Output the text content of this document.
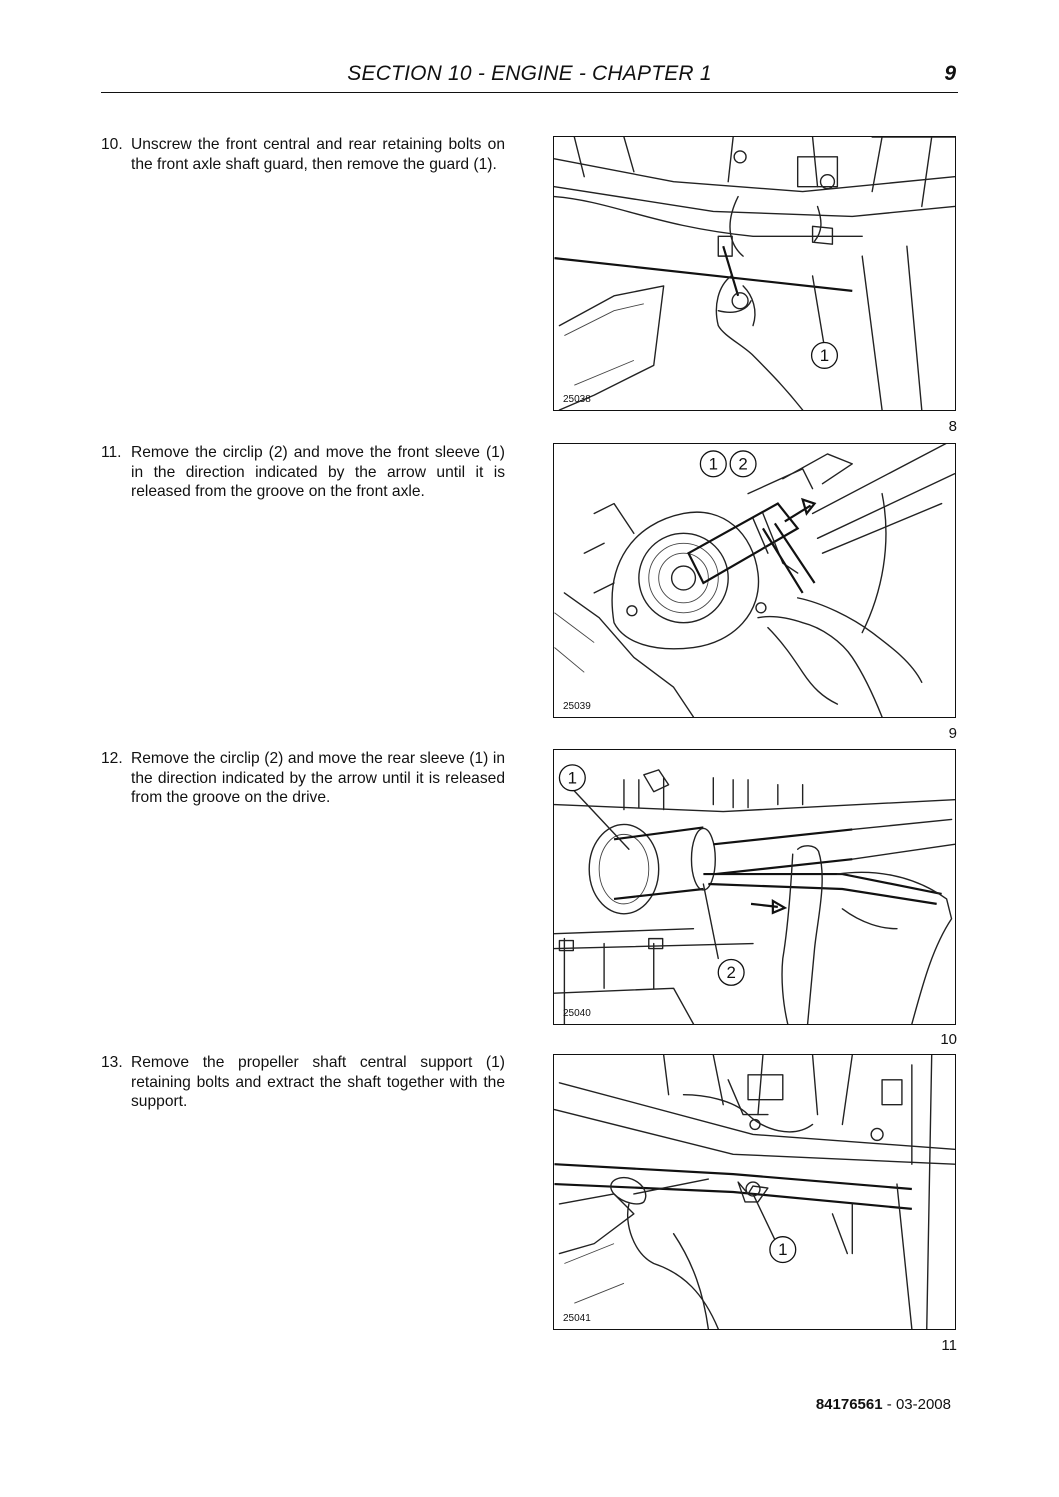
SECTION 10 - ENGINE - CHAPTER 1	9
10. Unscrew the front central and rear retaining bolts on the front axle shaft guard, then remove the guard (1).
1
25038
8
11. Remove the circlip (2) and move the front sleeve (1) in the direction indicated by the arrow until it is released from the groove on the front axle.
1 2
25039
9
12. Remove the circlip (2) and move the rear sleeve (1) in the direction indicated by the arrow until it is released from the groove on the drive.
1
2
25040
10
13. Remove the propeller shaft central support (1) retaining bolts and extract the shaft together with the support.
1
25041
11
84176561 - 03-2008
